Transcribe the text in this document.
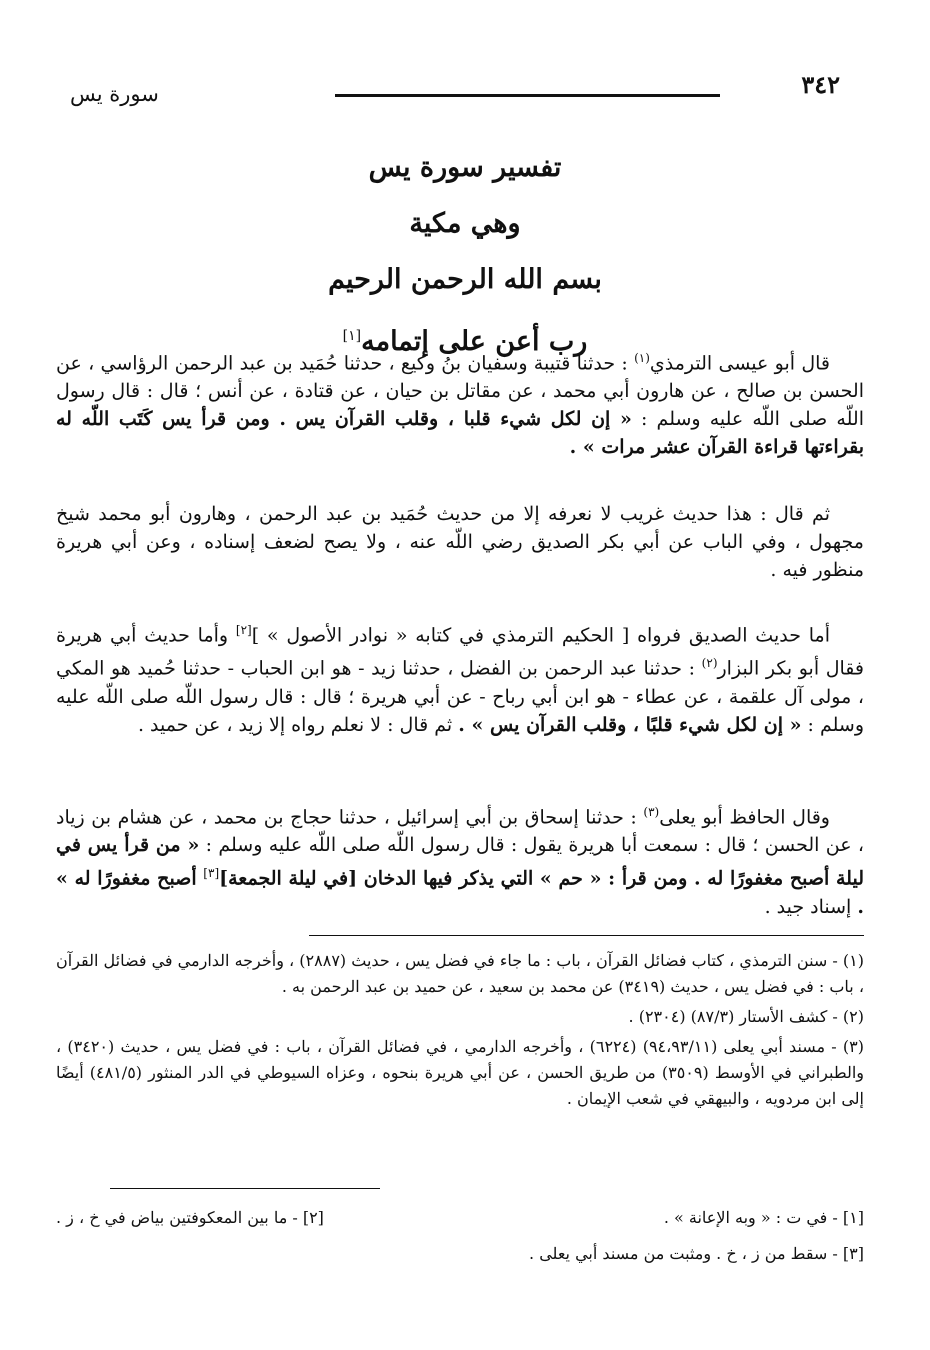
٣٤٢
سورة يس
تفسير سورة يس
وهي مكية
بسم الله الرحمن الرحيم
رب أعن على إتمامه[١]

قال أبو عيسى الترمذي$^{(١)}$ : حدثنا قتيبة وسفيان بنُ وكيع ، حدثنا حُمَيد بن عبد الرحمن الرؤاسي ، عن الحسن بن صالح ، عن هارون أبي محمد ، عن مقاتل بن حيان ، عن قتادة ، عن أنس ؛ قال : قال رسول اللّه صلى اللّه عليه وسلم : « إن لكل شيء قلبا ، وقلب القرآن يس . ومن قرأ يس كَتَب اللّه له بقراءتها قراءة القرآن عشر مرات » .

ثم قال : هذا حديث غريب لا نعرفه إلا من حديث حُمَيد بن عبد الرحمن ، وهارون أبو محمد شيخ مجهول ، وفي الباب عن أبي بكر الصديق رضي اللّه عنه ، ولا يصح لضعف إسناده ، وعن أبي هريرة منظور فيه .

أما حديث الصديق فرواه [ الحكيم الترمذي في كتابه « نوادر الأصول » ][٢] وأما حديث أبي هريرة فقال أبو بكر البزار$^{(٢)}$ : حدثنا عبد الرحمن بن الفضل ، حدثنا زيد - هو ابن الحباب - حدثنا حُميد هو المكي ، مولى آل علقمة ، عن عطاء - هو ابن أبي رباح - عن أبي هريرة ؛ قال : قال رسول اللّه صلى اللّه عليه وسلم : « إن لكل شيء قلبًا ، وقلب القرآن يس » . ثم قال : لا نعلم رواه إلا زيد ، عن حميد .

وقال الحافظ أبو يعلى$^{(٣)}$ : حدثنا إسحاق بن أبي إسرائيل ، حدثنا حجاج بن محمد ، عن هشام بن زياد ، عن الحسن ؛ قال : سمعت أبا هريرة يقول : قال رسول اللّه صلى اللّه عليه وسلم : « من قرأ يس في ليلة أصبح مغفورًا له . ومن قرأ : « حم » التي يذكر فيها الدخان [في ليلة الجمعة][٣] أصبح مغفورًا له » . إسناد جيد .

(١) - سنن الترمذي ، كتاب فضائل القرآن ، باب : ما جاء في فضل يس ، حديث (٢٨٨٧) ، وأخرجه الدارمي في فضائل القرآن ، باب : في فضل يس ، حديث (٣٤١٩) عن محمد بن سعيد ، عن حميد بن عبد الرحمن به .

(٢) - كشف الأستار (٨٧/٣) (٢٣٠٤) .

(٣) - مسند أبي يعلى (٩٤،٩٣/١١) (٦٢٢٤) ، وأخرجه الدارمي ، في فضائل القرآن ، باب : في فضل يس ، حديث (٣٤٢٠) ، والطبراني في الأوسط (٣٥٠٩) من طريق الحسن ، عن أبي هريرة بنحوه ، وعزاه السيوطي في الدر المنثور (٤٨١/٥) أيضًا إلى ابن مردويه ، والبيهقي في شعب الإيمان .

[١] - في ت : « وبه الإعانة » .
[٢] - ما بين المعكوفتين بياض في خ ، ز .
[٣] - سقط من ز ، خ . ومثبت من مسند أبي يعلى .
